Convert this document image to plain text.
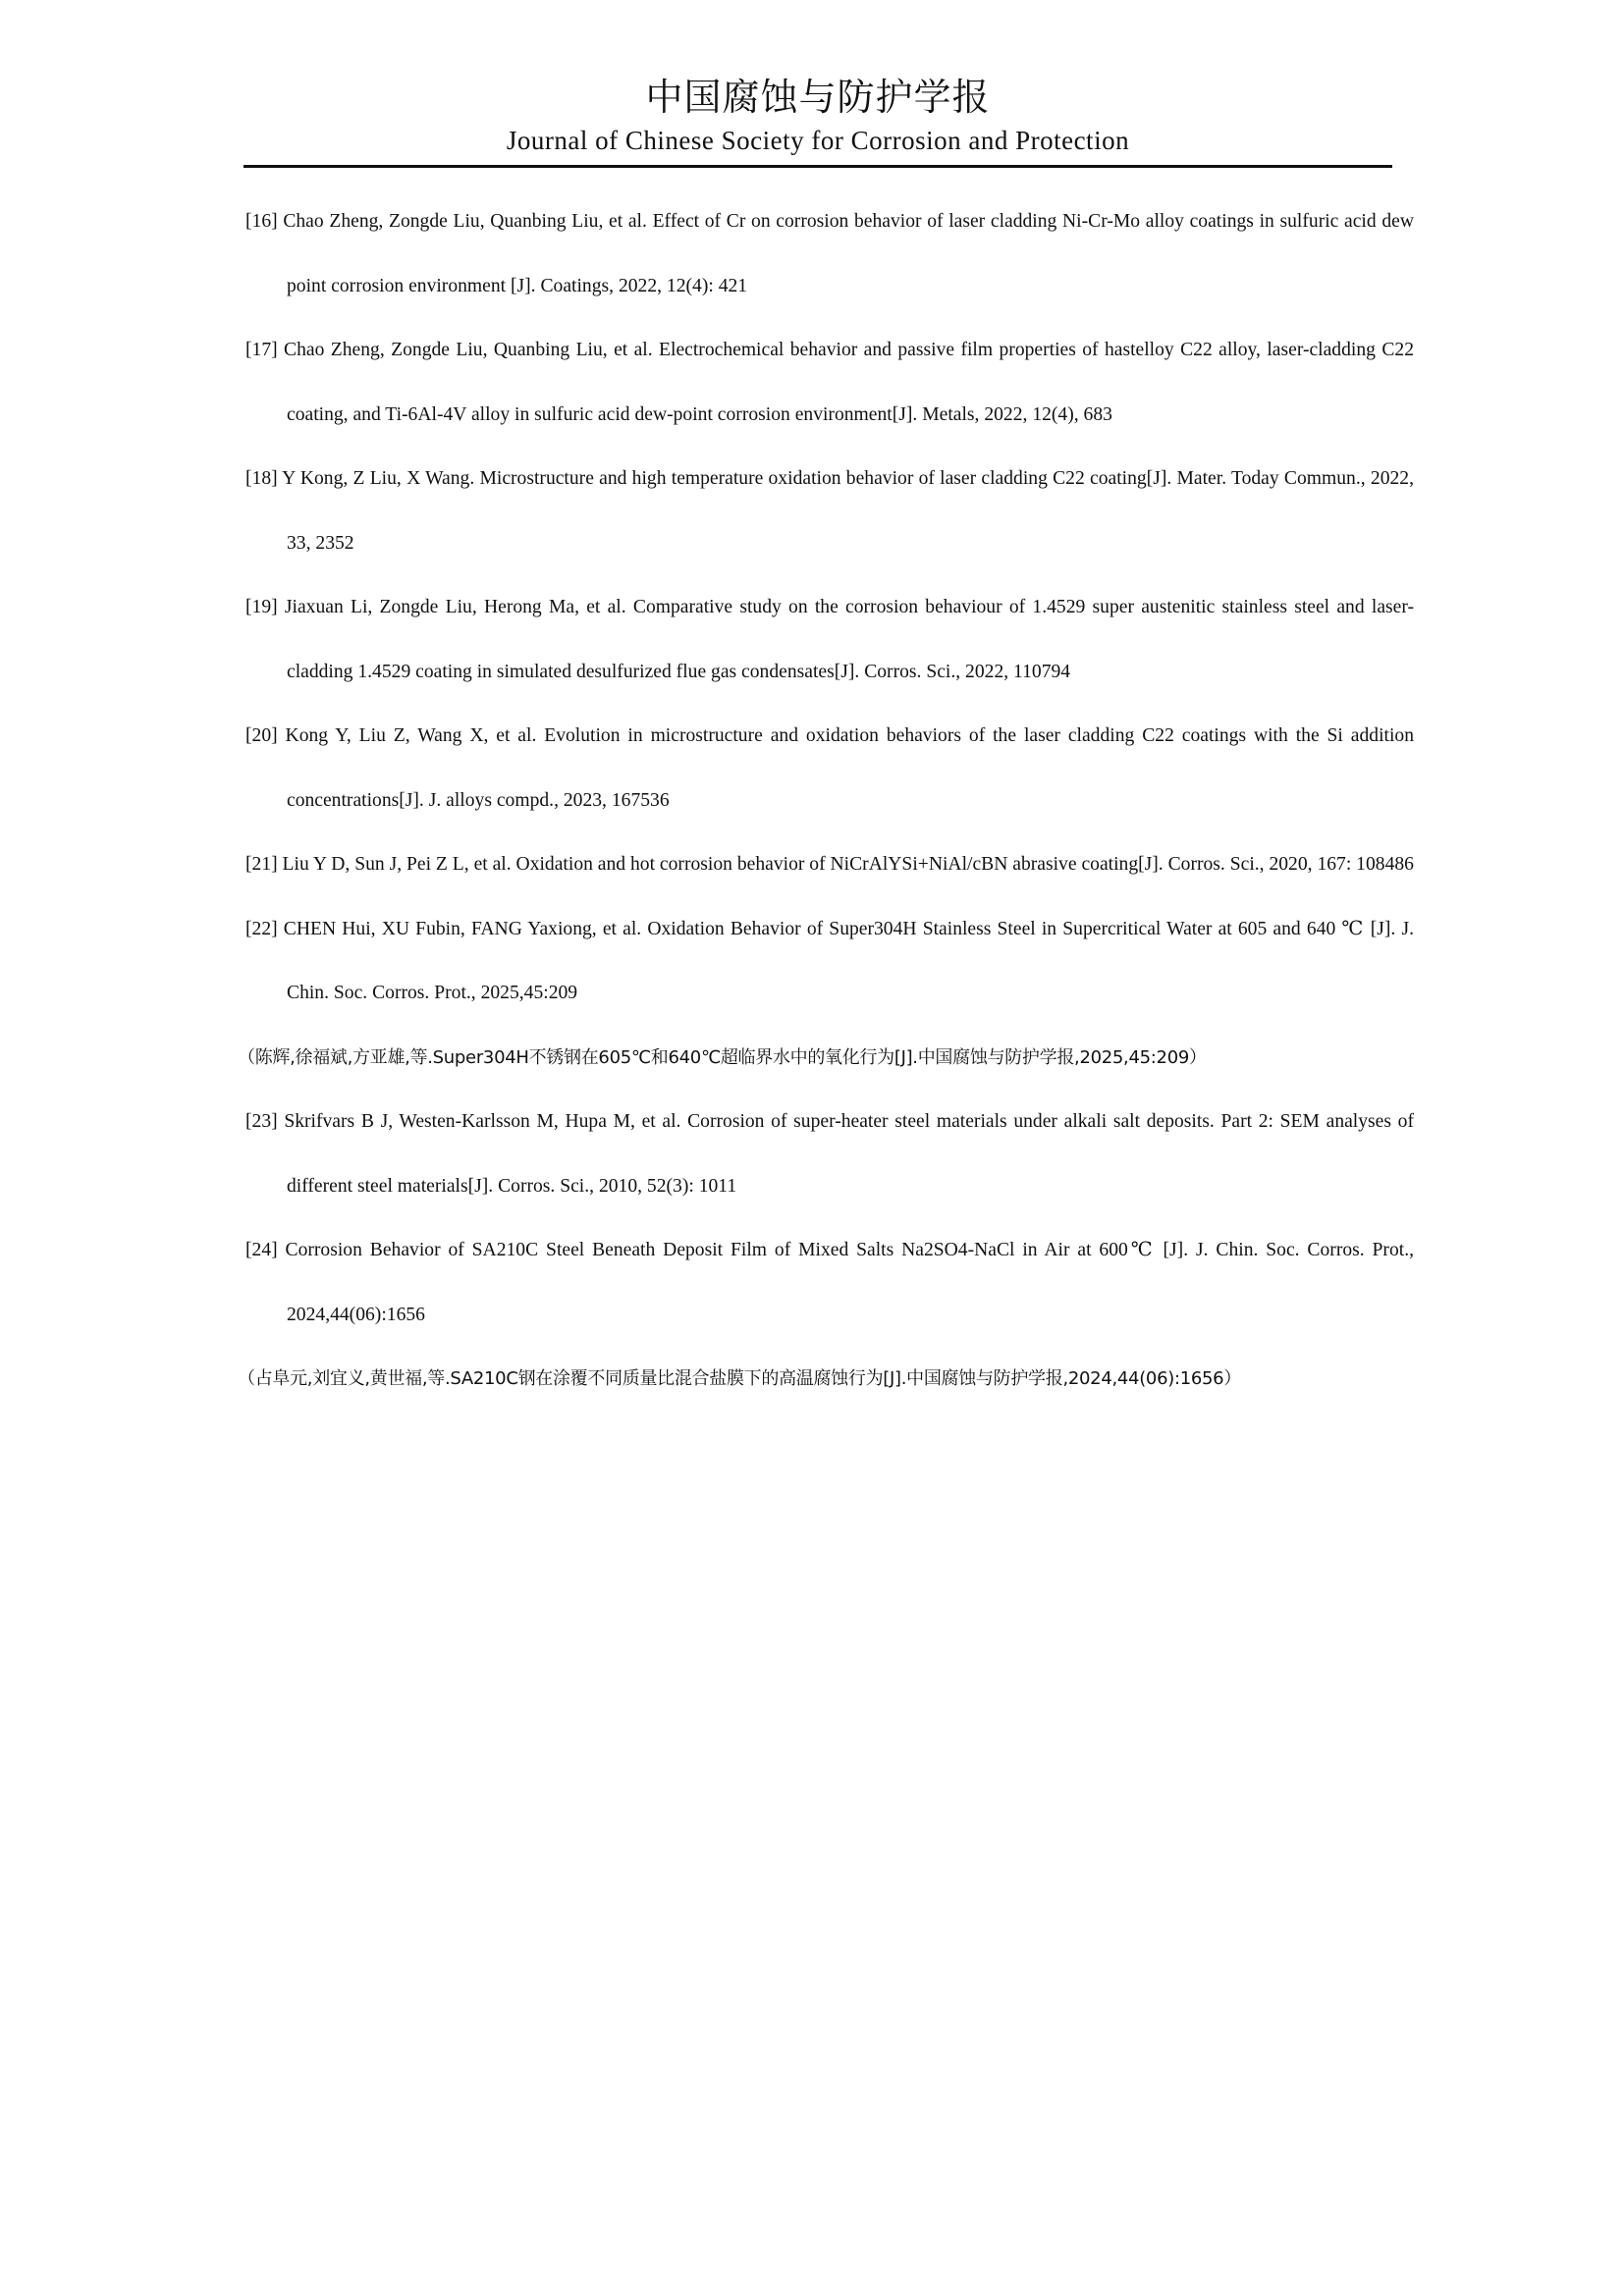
中国腐蚀与防护学报
Journal of Chinese Society for Corrosion and Protection
[16] Chao Zheng, Zongde Liu, Quanbing Liu, et al. Effect of Cr on corrosion behavior of laser cladding Ni-Cr-Mo alloy coatings in sulfuric acid dew point corrosion environment [J]. Coatings, 2022, 12(4): 421
[17] Chao Zheng, Zongde Liu, Quanbing Liu, et al. Electrochemical behavior and passive film properties of hastelloy C22 alloy, laser-cladding C22 coating, and Ti-6Al-4V alloy in sulfuric acid dew-point corrosion environment[J]. Metals, 2022, 12(4), 683
[18] Y Kong, Z Liu, X Wang. Microstructure and high temperature oxidation behavior of laser cladding C22 coating[J]. Mater. Today Commun., 2022, 33, 2352
[19] Jiaxuan Li, Zongde Liu, Herong Ma, et al. Comparative study on the corrosion behaviour of 1.4529 super austenitic stainless steel and laser-cladding 1.4529 coating in simulated desulfurized flue gas condensates[J]. Corros. Sci., 2022, 110794
[20] Kong Y, Liu Z, Wang X, et al. Evolution in microstructure and oxidation behaviors of the laser cladding C22 coatings with the Si addition concentrations[J]. J. alloys compd., 2023, 167536
[21] Liu Y D, Sun J, Pei Z L, et al. Oxidation and hot corrosion behavior of NiCrAlYSi+NiAl/cBN abrasive coating[J]. Corros. Sci., 2020, 167: 108486
[22] CHEN Hui, XU Fubin, FANG Yaxiong, et al. Oxidation Behavior of Super304H Stainless Steel in Supercritical Water at 605 and 640 ℃ [J]. J. Chin. Soc. Corros. Prot., 2025,45:209
（陈辉,徐福斌,方亚雄,等.Super304H不锈钢在605℃和640℃超临界水中的氧化行为[J].中国腐蚀与防护学报,2025,45:209）
[23] Skrifvars B J, Westen-Karlsson M, Hupa M, et al. Corrosion of super-heater steel materials under alkali salt deposits. Part 2: SEM analyses of different steel materials[J]. Corros. Sci., 2010, 52(3): 1011
[24] Corrosion Behavior of SA210C Steel Beneath Deposit Film of Mixed Salts Na2SO4-NaCl in Air at 600℃ [J]. J. Chin. Soc. Corros. Prot., 2024,44(06):1656
（占阜元,刘宜义,黄世福,等.SA210C钢在涂覆不同质量比混合盐膜下的高温腐蚀行为[J].中国腐蚀与防护学报,2024,44(06):1656）
